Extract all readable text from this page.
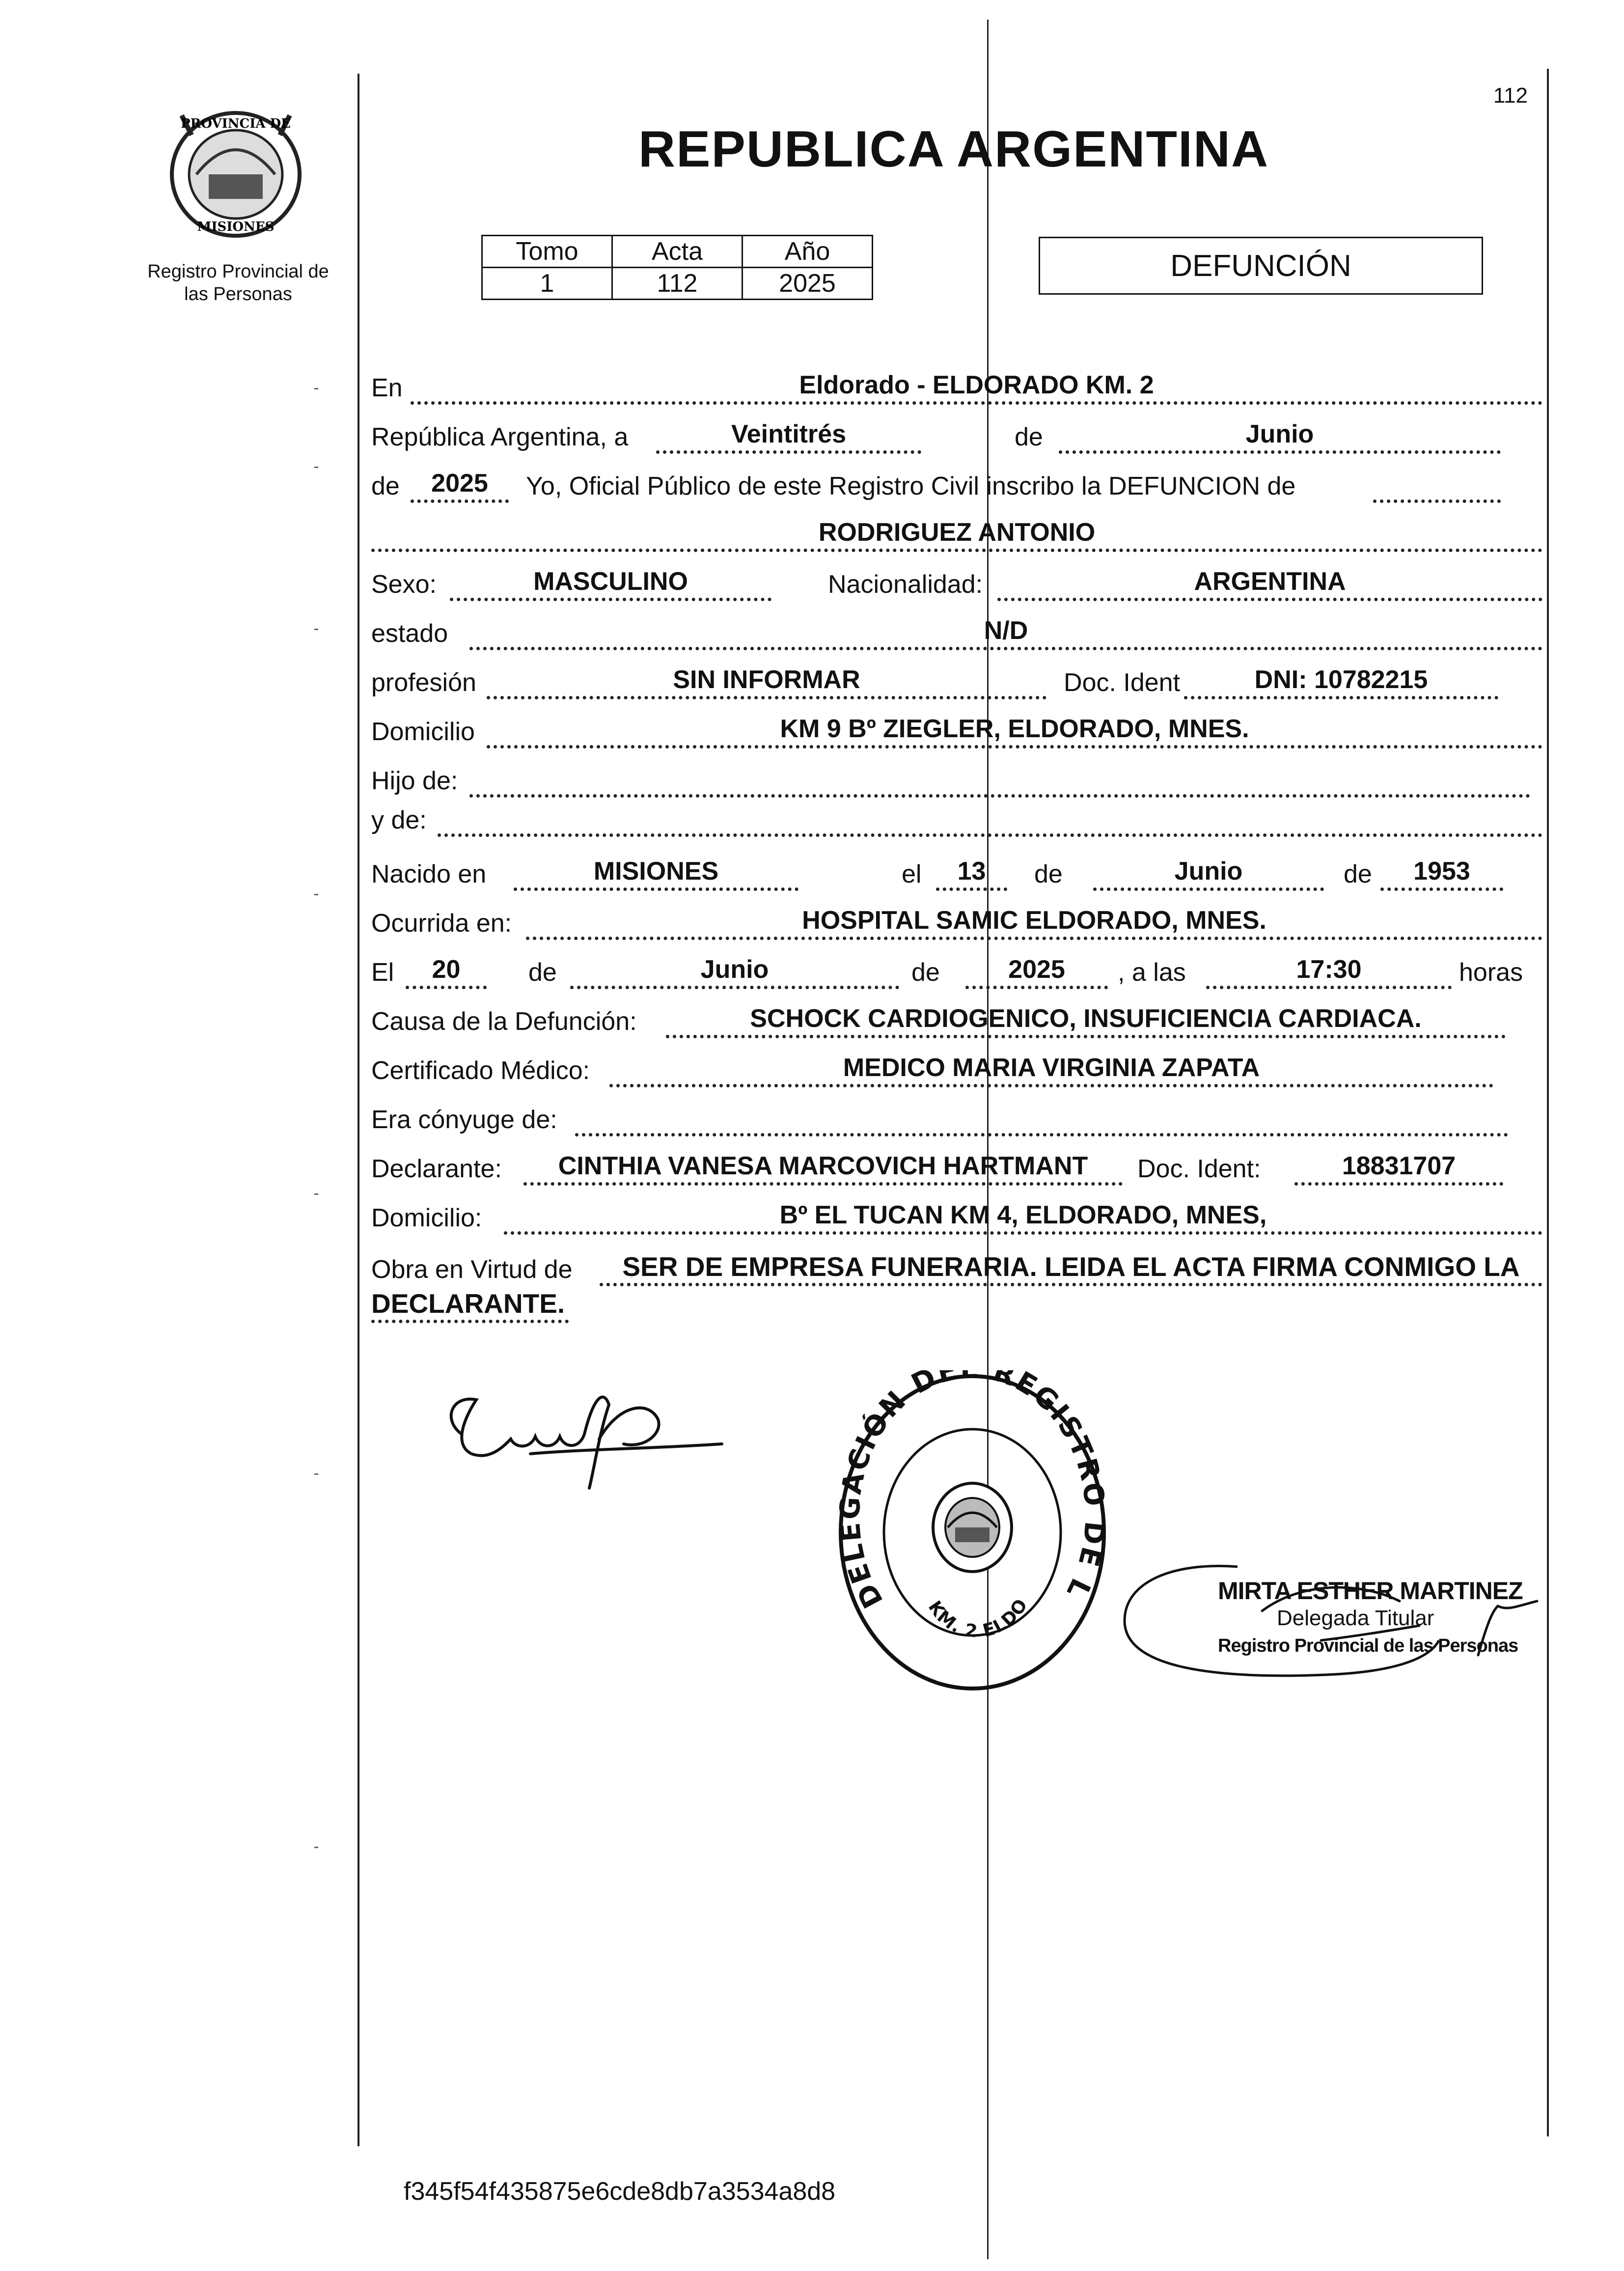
PROVINCIA DE
MISIONES
Registro Provincial de
las Personas
112
REPUBLICA ARGENTINA
Tomo	Acta	Año
1	112	2025
DEFUNCIÓN
En	Eldorado - ELDORADO KM. 2
República Argentina, a	Veintitrés	de	Junio
de	2025	Yo, Oficial Público de este Registro Civil inscribo la DEFUNCION de
RODRIGUEZ ANTONIO
Sexo:	MASCULINO	Nacionalidad:	ARGENTINA
estado	N/D
profesión	SIN INFORMAR	Doc. Ident	DNI: 10782215
Domicilio	KM 9 Bº ZIEGLER, ELDORADO, MNES.
Hijo de:
y de:
Nacido en	MISIONES	el	13	de	Junio	de	1953
Ocurrida en:	HOSPITAL SAMIC ELDORADO, MNES.
El	20	de	Junio	de	2025	, a las	17:30	horas
Causa de la Defunción:	SCHOCK CARDIOGENICO, INSUFICIENCIA CARDIACA.
Certificado Médico:	MEDICO MARIA VIRGINIA ZAPATA
Era cónyuge de:
Declarante:	CINTHIA VANESA MARCOVICH HARTMANT	Doc. Ident:	18831707
Domicilio:	Bº EL TUCAN KM 4, ELDORADO, MNES,
Obra en Virtud de	SER DE EMPRESA FUNERARIA. LEIDA EL ACTA FIRMA CONMIGO LA
DECLARANTE.
DELEGACIÓN DE REGISTRO DE L
KM. 2 ELDO
MIRTA ESTHER MARTINEZ
Delegada Titular
Registro Provincial de las Personas
f345f54f435875e6cde8db7a3534a8d8
